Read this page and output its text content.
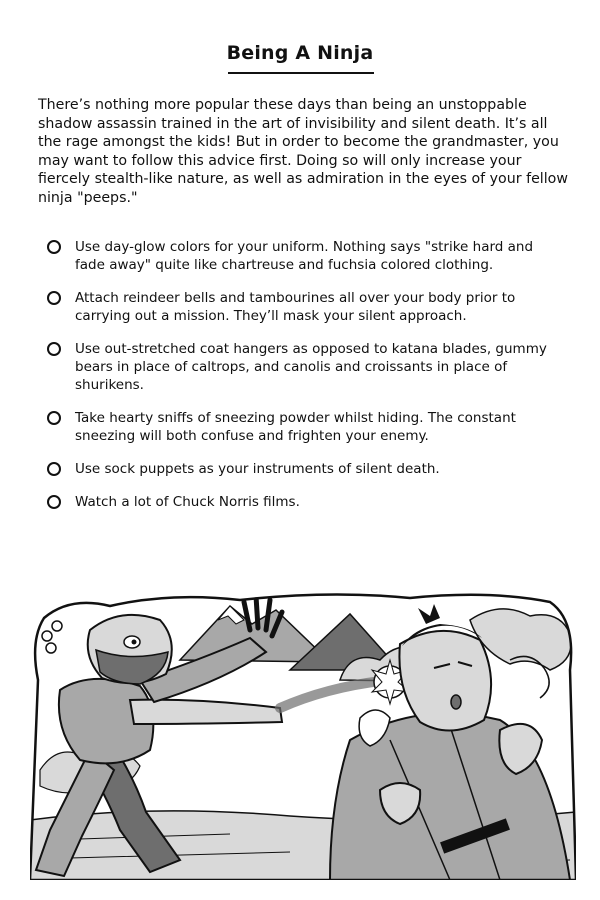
Being A Ninja

There’s nothing more popular these days than being an unstoppable shadow assassin trained in the art of invisibility and silent death. It’s all the rage amongst the kids! But in order to become the grandmaster, you may want to follow this advice first. Doing so will only increase your fiercely stealth-like nature, as well as admiration in the eyes of your fellow ninja "peeps."

Use day-glow colors for your uniform. Nothing says "strike hard and fade away" quite like chartreuse and fuchsia colored clothing.
Attach reindeer bells and tambourines all over your body prior to carrying out a mission. They’ll mask your silent approach.
Use out-stretched coat hangers as opposed to katana blades, gummy bears in place of caltrops, and canolis and croissants in place of shurikens.
Take hearty sniffs of sneezing powder whilst hiding. The constant sneezing will both confuse and frighten your enemy.
Use sock puppets as your instruments of silent death.
Watch a lot of Chuck Norris films.
